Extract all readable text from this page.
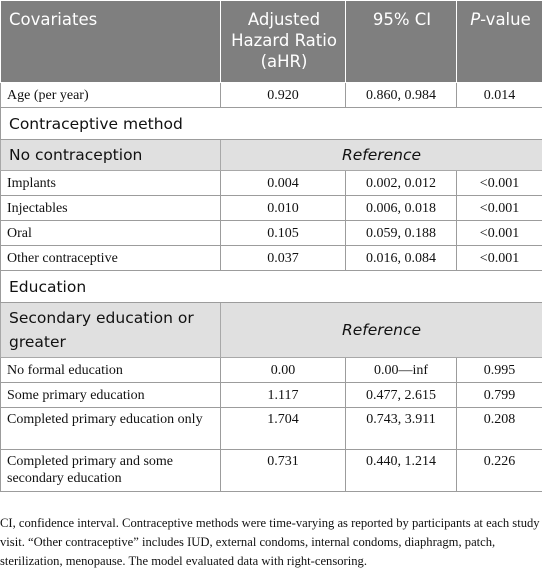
Covariates	Adjusted Hazard Ratio (aHR)	95% CI	P-value
Age (per year)	0.920	0.860, 0.984	0.014
Contraceptive method			
No contraception	Reference		
Implants	0.004	0.002, 0.012	<0.001
Injectables	0.010	0.006, 0.018	<0.001
Oral	0.105	0.059, 0.188	<0.001
Other contraceptive	0.037	0.016, 0.084	<0.001
Education			
Secondary education or greater	Reference		
No formal education	0.00	0.00—inf	0.995
Some primary education	1.117	0.477, 2.615	0.799
Completed primary education only	1.704	0.743, 3.911	0.208
Completed primary and some secondary education	0.731	0.440, 1.214	0.226
CI, confidence interval. Contraceptive methods were time-varying as reported by participants at each study visit. “Other contraceptive” includes IUD, external condoms, internal condoms, diaphragm, patch, sterilization, menopause. The model evaluated data with right-censoring.
